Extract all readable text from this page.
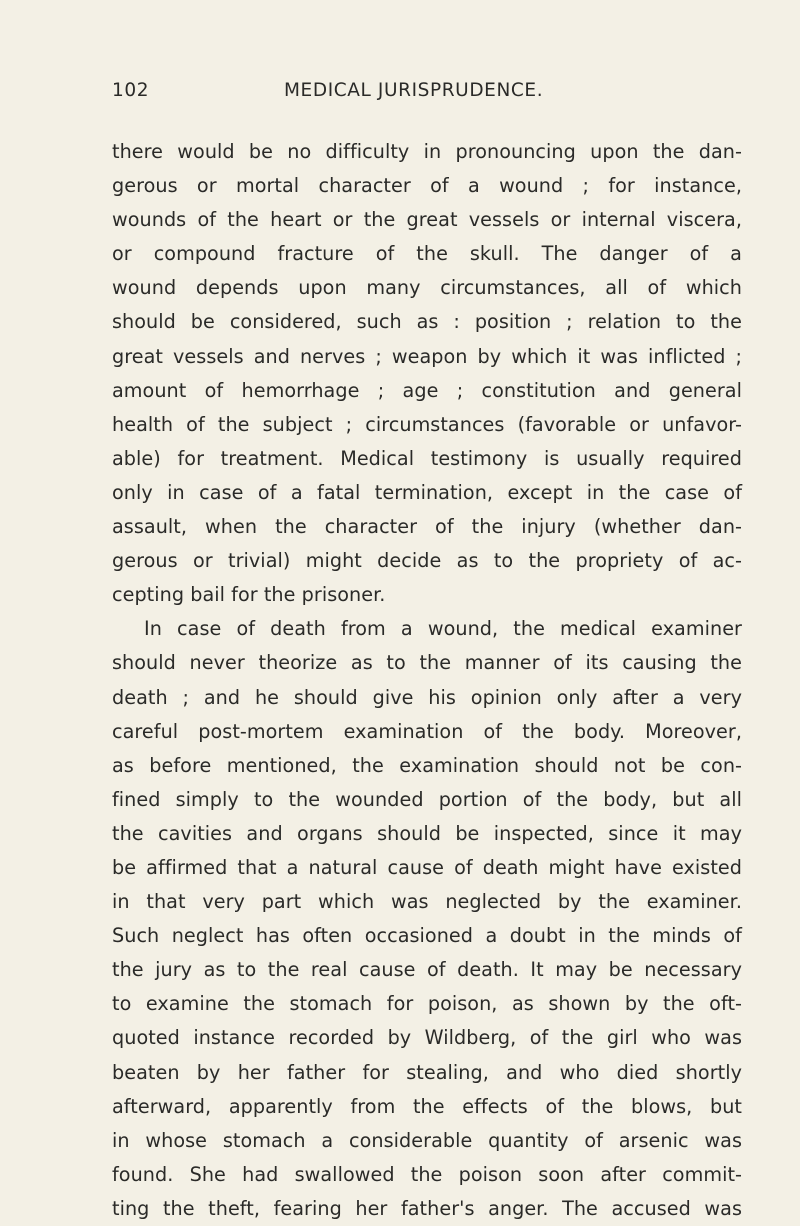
102	MEDICAL JURISPRUDENCE.
there would be no difficulty in pronouncing upon the dan-
gerous or mortal character of a wound ; for instance,
wounds of the heart or the great vessels or internal viscera,
or compound fracture of the skull. The danger of a
wound depends upon many circumstances, all of which
should be considered, such as : position ; relation to the
great vessels and nerves ; weapon by which it was inflicted ;
amount of hemorrhage ; age ; constitution and general
health of the subject ; circumstances (favorable or unfavor-
able) for treatment. Medical testimony is usually required
only in case of a fatal termination, except in the case of
assault, when the character of the injury (whether dan-
gerous or trivial) might decide as to the propriety of ac-
cepting bail for the prisoner.
In case of death from a wound, the medical examiner
should never theorize as to the manner of its causing the
death ; and he should give his opinion only after a very
careful post-mortem examination of the body. Moreover,
as before mentioned, the examination should not be con-
fined simply to the wounded portion of the body, but all
the cavities and organs should be inspected, since it may
be affirmed that a natural cause of death might have existed
in that very part which was neglected by the examiner.
Such neglect has often occasioned a doubt in the minds of
the jury as to the real cause of death. It may be necessary
to examine the stomach for poison, as shown by the oft-
quoted instance recorded by Wildberg, of the girl who was
beaten by her father for stealing, and who died shortly
afterward, apparently from the effects of the blows, but
in whose stomach a considerable quantity of arsenic was
found. She had swallowed the poison soon after commit-
ting the theft, fearing her father's anger. The accused was
